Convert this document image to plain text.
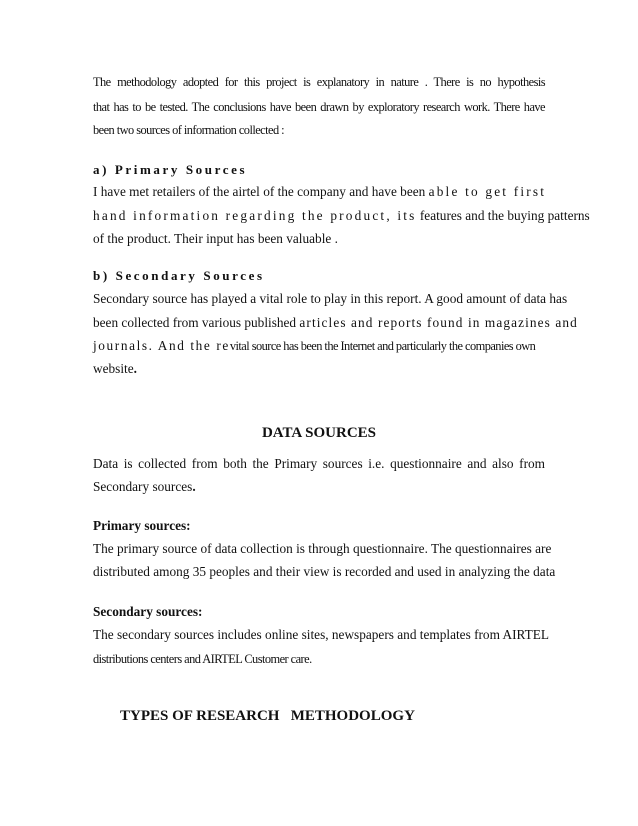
The methodology adopted for this project is explanatory in nature . There is no hypothesis

that has to be tested. The conclusions have been drawn by exploratory research work. There have

been two sources of information collected :

a) Primary Sources

I have met retailers of the airtel of the company and have been able to get first

hand information regarding the product, its features and the buying patterns

of the product. Their input has been valuable .

b) Secondary Sources

Secondary source has played a vital role to play in this report. A good amount of data has

been collected from various published articles and reports found in magazines and

journals. And the revital source has been the Internet and particularly the companies own

website.

DATA SOURCES

Data is collected from both the Primary sources i.e. questionnaire and also from

Secondary sources.

Primary sources:

The primary source of data collection is through questionnaire. The questionnaires are

distributed among 35 peoples and their view is recorded and used in analyzing the data

Secondary sources:

The secondary sources includes online sites, newspapers and templates from AIRTEL

distributions centers and AIRTEL Customer care.

TYPES OF RESEARCH   METHODOLOGY
